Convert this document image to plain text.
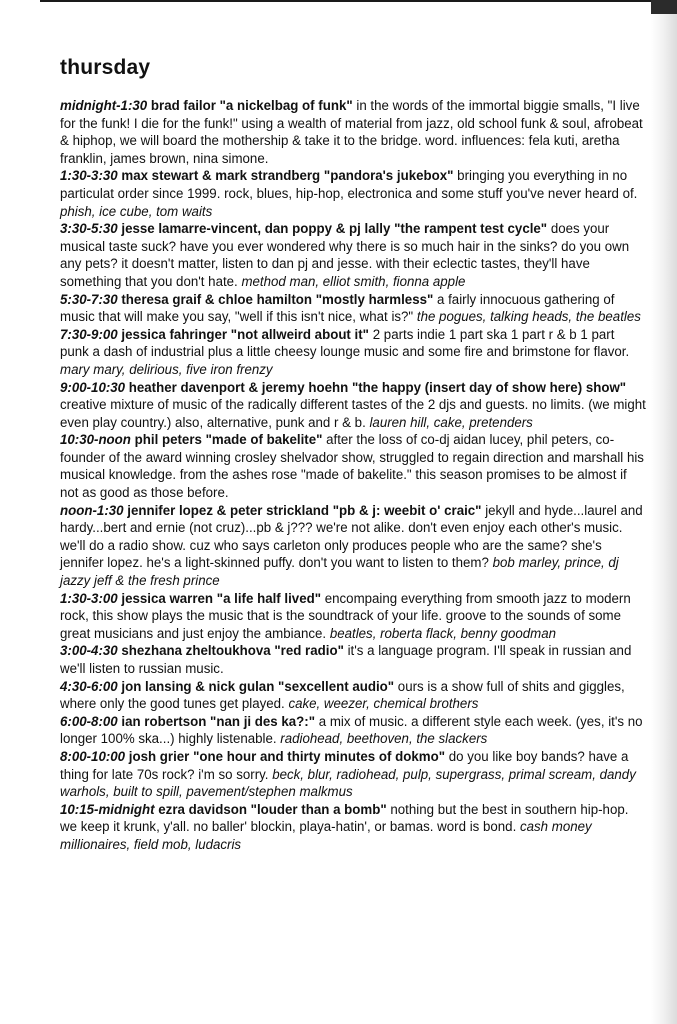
thursday

midnight-1:30 brad failor "a nickelbag of funk" in the words of the immortal biggie smalls, "I live for the funk! I die for the funk!" using a wealth of material from jazz, old school funk & soul, afrobeat & hiphop, we will board the mothership & take it to the bridge. word. influences: fela kuti, aretha franklin, james brown, nina simone.

1:30-3:30 max stewart & mark strandberg "pandora's jukebox" bringing you everything in no particulat order since 1999. rock, blues, hip-hop, electronica and some stuff you've never heard of. phish, ice cube, tom waits

3:30-5:30 jesse lamarre-vincent, dan poppy & pj lally "the rampent test cycle" does your musical taste suck? have you ever wondered why there is so much hair in the sinks? do you own any pets? it doesn't matter, listen to dan pj and jesse. with their eclectic tastes, they'll have something that you don't hate. method man, elliot smith, fionna apple

5:30-7:30 theresa graif & chloe hamilton "mostly harmless" a fairly innocuous gathering of music that will make you say, "well if this isn't nice, what is?" the pogues, talking heads, the beatles

7:30-9:00 jessica fahringer "not allweird about it" 2 parts indie 1 part ska 1 part r & b 1 part punk a dash of industrial plus a little cheesy lounge music and some fire and brimstone for flavor. mary mary, delirious, five iron frenzy

9:00-10:30 heather davenport & jeremy hoehn "the happy (insert day of show here) show" creative mixture of music of the radically different tastes of the 2 djs and guests. no limits. (we might even play country.) also, alternative, punk and r & b. lauren hill, cake, pretenders

10:30-noon phil peters "made of bakelite" after the loss of co-dj aidan lucey, phil peters, co-founder of the award winning crosley shelvador show, struggled to regain direction and marshall his musical knowledge. from the ashes rose "made of bakelite." this season promises to be almost if not as good as those before.

noon-1:30 jennifer lopez & peter strickland "pb & j: weebit o' craic" jekyll and hyde...laurel and hardy...bert and ernie (not cruz)...pb & j??? we're not alike. don't even enjoy each other's music. we'll do a radio show. cuz who says carleton only produces people who are the same? she's jennifer lopez. he's a light-skinned puffy. don't you want to listen to them? bob marley, prince, dj jazzy jeff & the fresh prince

1:30-3:00 jessica warren "a life half lived" encompaing everything from smooth jazz to modern rock, this show plays the music that is the soundtrack of your life. groove to the sounds of some great musicians and just enjoy the ambiance. beatles, roberta flack, benny goodman

3:00-4:30 shezhana zheltoukhova "red radio" it's a language program. I'll speak in russian and we'll listen to russian music.

4:30-6:00 jon lansing & nick gulan "sexcellent audio" ours is a show full of shits and giggles, where only the good tunes get played. cake, weezer, chemical brothers

6:00-8:00 ian robertson "nan ji des ka?:" a mix of music. a different style each week. (yes, it's no longer 100% ska...) highly listenable. radiohead, beethoven, the slackers

8:00-10:00 josh grier "one hour and thirty minutes of dokmo" do you like boy bands? have a thing for late 70s rock? i'm so sorry. beck, blur, radiohead, pulp, supergrass, primal scream, dandy warhols, built to spill, pavement/stephen malkmus

10:15-midnight ezra davidson "louder than a bomb" nothing but the best in southern hip-hop. we keep it krunk, y'all. no baller' blockin, playa-hatin', or bamas. word is bond. cash money millionaires, field mob, ludacris
